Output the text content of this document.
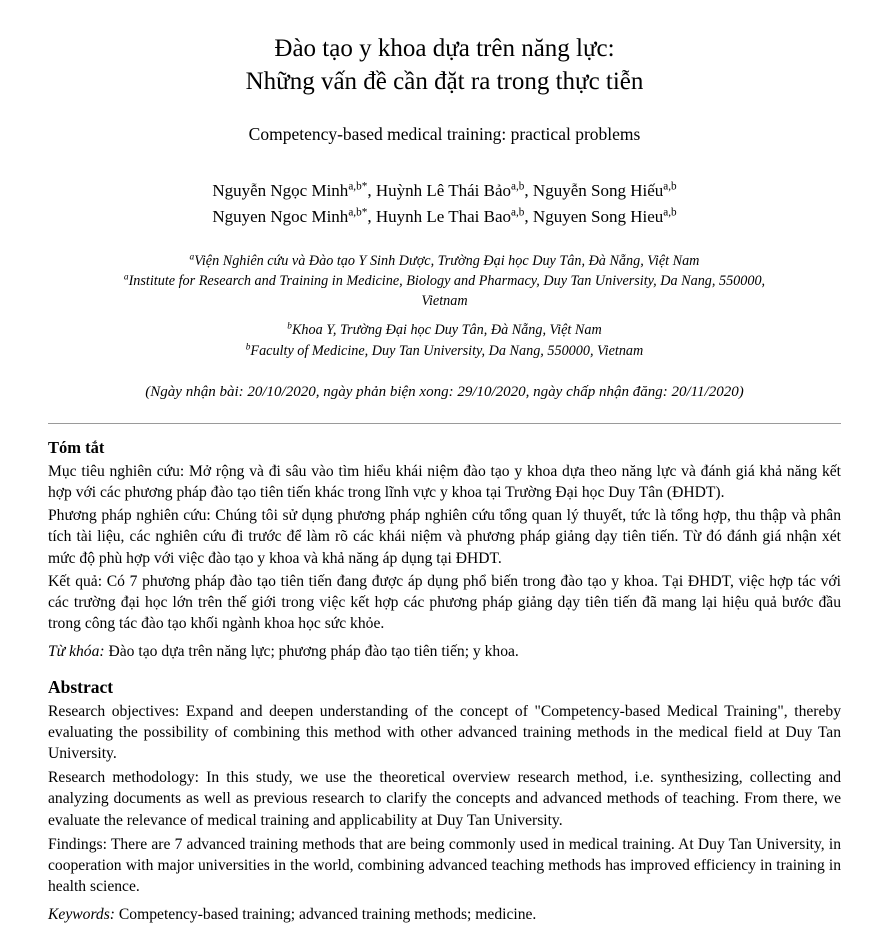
Đào tạo y khoa dựa trên năng lực:
Những vấn đề cần đặt ra trong thực tiễn
Competency-based medical training: practical problems
Nguyễn Ngọc Minh$^{a,b*}$, Huỳnh Lê Thái Bảo$^{a,b}$, Nguyễn Song Hiếu$^{a,b}$
Nguyen Ngoc Minh$^{a,b*}$, Huynh Le Thai Bao$^{a,b}$, Nguyen Song Hieu$^{a,b}$
$^a$Viện Nghiên cứu và Đào tạo Y Sinh Dược, Trường Đại học Duy Tân, Đà Nẵng, Việt Nam
$^a$Institute for Research and Training in Medicine, Biology and Pharmacy, Duy Tan University, Da Nang, 550000,
Vietnam
$^b$Khoa Y, Trường Đại học Duy Tân, Đà Nẵng, Việt Nam
$^b$Faculty of Medicine, Duy Tan University, Da Nang, 550000, Vietnam
(Ngày nhận bài: 20/10/2020, ngày phản biện xong: 29/10/2020, ngày chấp nhận đăng: 20/11/2020)
Tóm tắt

Mục tiêu nghiên cứu: Mở rộng và đi sâu vào tìm hiểu khái niệm đào tạo y khoa dựa theo năng lực và đánh giá khả năng kết hợp với các phương pháp đào tạo tiên tiến khác trong lĩnh vực y khoa tại Trường Đại học Duy Tân (ĐHDT).

Phương pháp nghiên cứu: Chúng tôi sử dụng phương pháp nghiên cứu tổng quan lý thuyết, tức là tổng hợp, thu thập và phân tích tài liệu, các nghiên cứu đi trước để làm rõ các khái niệm và phương pháp giảng dạy tiên tiến. Từ đó đánh giá nhận xét mức độ phù hợp với việc đào tạo y khoa và khả năng áp dụng tại ĐHDT.

Kết quả: Có 7 phương pháp đào tạo tiên tiến đang được áp dụng phổ biến trong đào tạo y khoa. Tại ĐHDT, việc hợp tác với các trường đại học lớn trên thế giới trong việc kết hợp các phương pháp giảng dạy tiên tiến đã mang lại hiệu quả bước đầu trong công tác đào tạo khối ngành khoa học sức khỏe.

Từ khóa: Đào tạo dựa trên năng lực; phương pháp đào tạo tiên tiến; y khoa.

Abstract

Research objectives: Expand and deepen understanding of the concept of "Competency-based Medical Training", thereby evaluating the possibility of combining this method with other advanced training methods in the medical field at Duy Tan University.

Research methodology: In this study, we use the theoretical overview research method, i.e. synthesizing, collecting and analyzing documents as well as previous research to clarify the concepts and advanced methods of teaching. From there, we evaluate the relevance of medical training and applicability at Duy Tan University.

Findings: There are 7 advanced training methods that are being commonly used in medical training. At Duy Tan University, in cooperation with major universities in the world, combining advanced teaching methods has improved efficiency in training in health science.

Keywords: Competency-based training; advanced training methods; medicine.
